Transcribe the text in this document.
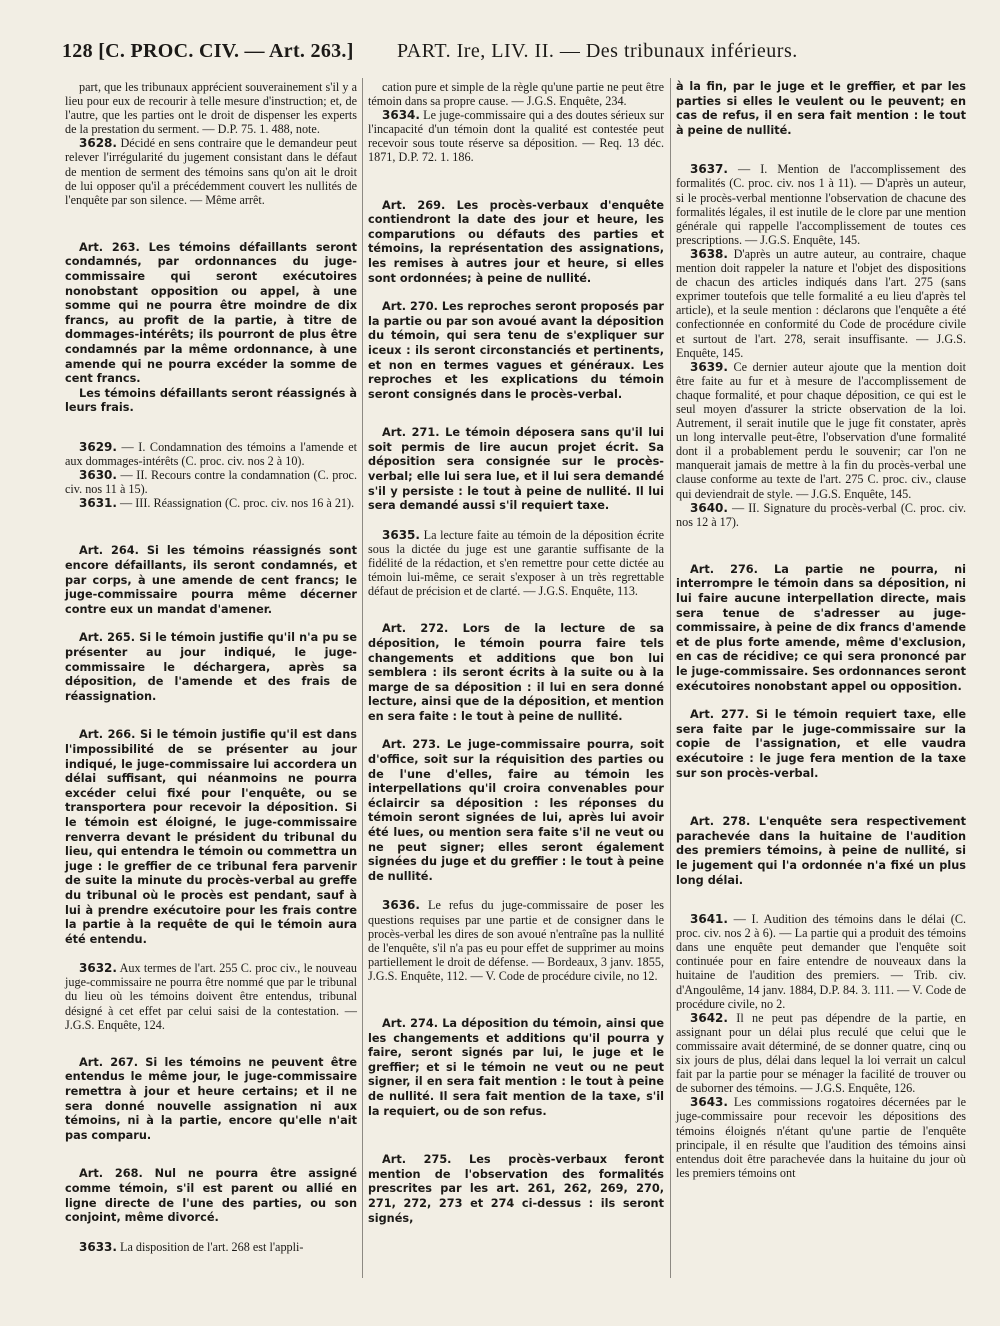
128 [C. PROC. CIV. — Art. 263.] PART. Ire, LIV. II. — Des tribunaux inférieurs.

part, que les tribunaux apprécient souverainement s'il y a lieu pour eux de recourir à telle mesure d'instruction; et, de l'autre, que les parties ont le droit de dispenser les experts de la prestation du serment. — D.P. 75. 1. 488, note.

3628. Décidé en sens contraire que le demandeur peut relever l'irrégularité du jugement consistant dans le défaut de mention de serment des témoins sans qu'on ait le droit de lui opposer qu'il a précédemment couvert les nullités de l'enquête par son silence. — Même arrêt.

Art. 263. Les témoins défaillants seront condamnés, par ordonnances du juge-commissaire qui seront exécutoires nonobstant opposition ou appel, à une somme qui ne pourra être moindre de dix francs, au profit de la partie, à titre de dommages-intérêts; ils pourront de plus être condamnés par la même ordonnance, à une amende qui ne pourra excéder la somme de cent francs.

Les témoins défaillants seront réassignés à leurs frais.

3629. — I. Condamnation des témoins a l'amende et aux dommages-intérêts (C. proc. civ. nos 2 à 10).

3630. — II. Recours contre la condamnation (C. proc. civ. nos 11 à 15).

3631. — III. Réassignation (C. proc. civ. nos 16 à 21).

Art. 264. Si les témoins réassignés sont encore défaillants, ils seront condamnés, et par corps, à une amende de cent francs; le juge-commissaire pourra même décerner contre eux un mandat d'amener.

Art. 265. Si le témoin justifie qu'il n'a pu se présenter au jour indiqué, le juge-commissaire le déchargera, après sa déposition, de l'amende et des frais de réassignation.

Art. 266. Si le témoin justifie qu'il est dans l'impossibilité de se présenter au jour indiqué, le juge-commissaire lui accordera un délai suffisant, qui néanmoins ne pourra excéder celui fixé pour l'enquête, ou se transportera pour recevoir la déposition. Si le témoin est éloigné, le juge-commissaire renverra devant le président du tribunal du lieu, qui entendra le témoin ou commettra un juge : le greffier de ce tribunal fera parvenir de suite la minute du procès-verbal au greffe du tribunal où le procès est pendant, sauf à lui à prendre exécutoire pour les frais contre la partie à la requête de qui le témoin aura été entendu.

3632. Aux termes de l'art. 255 C. proc civ., le nouveau juge-commissaire ne pourra être nommé que par le tribunal du lieu où les témoins doivent être entendus, tribunal désigné à cet effet par celui saisi de la contestation. — J.G.S. Enquête, 124.

Art. 267. Si les témoins ne peuvent être entendus le même jour, le juge-commissaire remettra à jour et heure certains; et il ne sera donné nouvelle assignation ni aux témoins, ni à la partie, encore qu'elle n'ait pas comparu.

Art. 268. Nul ne pourra être assigné comme témoin, s'il est parent ou allié en ligne directe de l'une des parties, ou son conjoint, même divorcé.

3633. La disposition de l'art. 268 est l'appli-

cation pure et simple de la règle qu'une partie ne peut être témoin dans sa propre cause. — J.G.S. Enquête, 234.

3634. Le juge-commissaire qui a des doutes sérieux sur l'incapacité d'un témoin dont la qualité est contestée peut recevoir sous toute réserve sa déposition. — Req. 13 déc. 1871, D.P. 72. 1. 186.

Art. 269. Les procès-verbaux d'enquête contiendront la date des jour et heure, les comparutions ou défauts des parties et témoins, la représentation des assignations, les remises à autres jour et heure, si elles sont ordonnées; à peine de nullité.

Art. 270. Les reproches seront proposés par la partie ou par son avoué avant la déposition du témoin, qui sera tenu de s'expliquer sur iceux : ils seront circonstanciés et pertinents, et non en termes vagues et généraux. Les reproches et les explications du témoin seront consignés dans le procès-verbal.

Art. 271. Le témoin déposera sans qu'il lui soit permis de lire aucun projet écrit. Sa déposition sera consignée sur le procès-verbal; elle lui sera lue, et il lui sera demandé s'il y persiste : le tout à peine de nullité. Il lui sera demandé aussi s'il requiert taxe.

3635. La lecture faite au témoin de la déposition écrite sous la dictée du juge est une garantie suffisante de la fidélité de la rédaction, et s'en remettre pour cette dictée au témoin lui-même, ce serait s'exposer à un très regrettable défaut de précision et de clarté. — J.G.S. Enquête, 113.

Art. 272. Lors de la lecture de sa déposition, le témoin pourra faire tels changements et additions que bon lui semblera : ils seront écrits à la suite ou à la marge de sa déposition : il lui en sera donné lecture, ainsi que de la déposition, et mention en sera faite : le tout à peine de nullité.

Art. 273. Le juge-commissaire pourra, soit d'office, soit sur la réquisition des parties ou de l'une d'elles, faire au témoin les interpellations qu'il croira convenables pour éclaircir sa déposition : les réponses du témoin seront signées de lui, après lui avoir été lues, ou mention sera faite s'il ne veut ou ne peut signer; elles seront également signées du juge et du greffier : le tout à peine de nullité.

3636. Le refus du juge-commissaire de poser les questions requises par une partie et de consigner dans le procès-verbal les dires de son avoué n'entraîne pas la nullité de l'enquête, s'il n'a pas eu pour effet de supprimer au moins partiellement le droit de défense. — Bordeaux, 3 janv. 1855, J.G.S. Enquête, 112. — V. Code de procédure civile, no 12.

Art. 274. La déposition du témoin, ainsi que les changements et additions qu'il pourra y faire, seront signés par lui, le juge et le greffier; et si le témoin ne veut ou ne peut signer, il en sera fait mention : le tout à peine de nullité. Il sera fait mention de la taxe, s'il la requiert, ou de son refus.

Art. 275. Les procès-verbaux feront mention de l'observation des formalités prescrites par les art. 261, 262, 269, 270, 271, 272, 273 et 274 ci-dessus : ils seront signés,

à la fin, par le juge et le greffier, et par les parties si elles le veulent ou le peuvent; en cas de refus, il en sera fait mention : le tout à peine de nullité.

3637. — I. Mention de l'accomplissement des formalités (C. proc. civ. nos 1 à 11). — D'après un auteur, si le procès-verbal mentionne l'observation de chacune des formalités légales, il est inutile de le clore par une mention générale qui rappelle l'accomplissement de toutes ces prescriptions. — J.G.S. Enquête, 145.

3638. D'après un autre auteur, au contraire, chaque mention doit rappeler la nature et l'objet des dispositions de chacun des articles indiqués dans l'art. 275 (sans exprimer toutefois que telle formalité a eu lieu d'après tel article), et la seule mention : déclarons que l'enquête a été confectionnée en conformité du Code de procédure civile et surtout de l'art. 278, serait insuffisante. — J.G.S. Enquête, 145.

3639. Ce dernier auteur ajoute que la mention doit être faite au fur et à mesure de l'accomplissement de chaque formalité, et pour chaque déposition, ce qui est le seul moyen d'assurer la stricte observation de la loi. Autrement, il serait inutile que le juge fit constater, après un long intervalle peut-être, l'observation d'une formalité dont il a probablement perdu le souvenir; car l'on ne manquerait jamais de mettre à la fin du procès-verbal une clause conforme au texte de l'art. 275 C. proc. civ., clause qui deviendrait de style. — J.G.S. Enquête, 145.

3640. — II. Signature du procès-verbal (C. proc. civ. nos 12 à 17).

Art. 276. La partie ne pourra, ni interrompre le témoin dans sa déposition, ni lui faire aucune interpellation directe, mais sera tenue de s'adresser au juge-commissaire, à peine de dix francs d'amende et de plus forte amende, même d'exclusion, en cas de récidive; ce qui sera prononcé par le juge-commissaire. Ses ordonnances seront exécutoires nonobstant appel ou opposition.

Art. 277. Si le témoin requiert taxe, elle sera faite par le juge-commissaire sur la copie de l'assignation, et elle vaudra exécutoire : le juge fera mention de la taxe sur son procès-verbal.

Art. 278. L'enquête sera respectivement parachevée dans la huitaine de l'audition des premiers témoins, à peine de nullité, si le jugement qui l'a ordonnée n'a fixé un plus long délai.

3641. — I. Audition des témoins dans le délai (C. proc. civ. nos 2 à 6). — La partie qui a produit des témoins dans une enquête peut demander que l'enquête soit continuée pour en faire entendre de nouveaux dans la huitaine de l'audition des premiers. — Trib. civ. d'Angoulême, 14 janv. 1884, D.P. 84. 3. 111. — V. Code de procédure civile, no 2.

3642. Il ne peut pas dépendre de la partie, en assignant pour un délai plus reculé que celui que le commissaire avait déterminé, de se donner quatre, cinq ou six jours de plus, délai dans lequel la loi verrait un calcul fait par la partie pour se ménager la facilité de trouver ou de suborner des témoins. — J.G.S. Enquête, 126.

3643. Les commissions rogatoires décernées par le juge-commissaire pour recevoir les dépositions des témoins éloignés n'étant qu'une partie de l'enquête principale, il en résulte que l'audition des témoins ainsi entendus doit être parachevée dans la huitaine du jour où les premiers témoins ont
